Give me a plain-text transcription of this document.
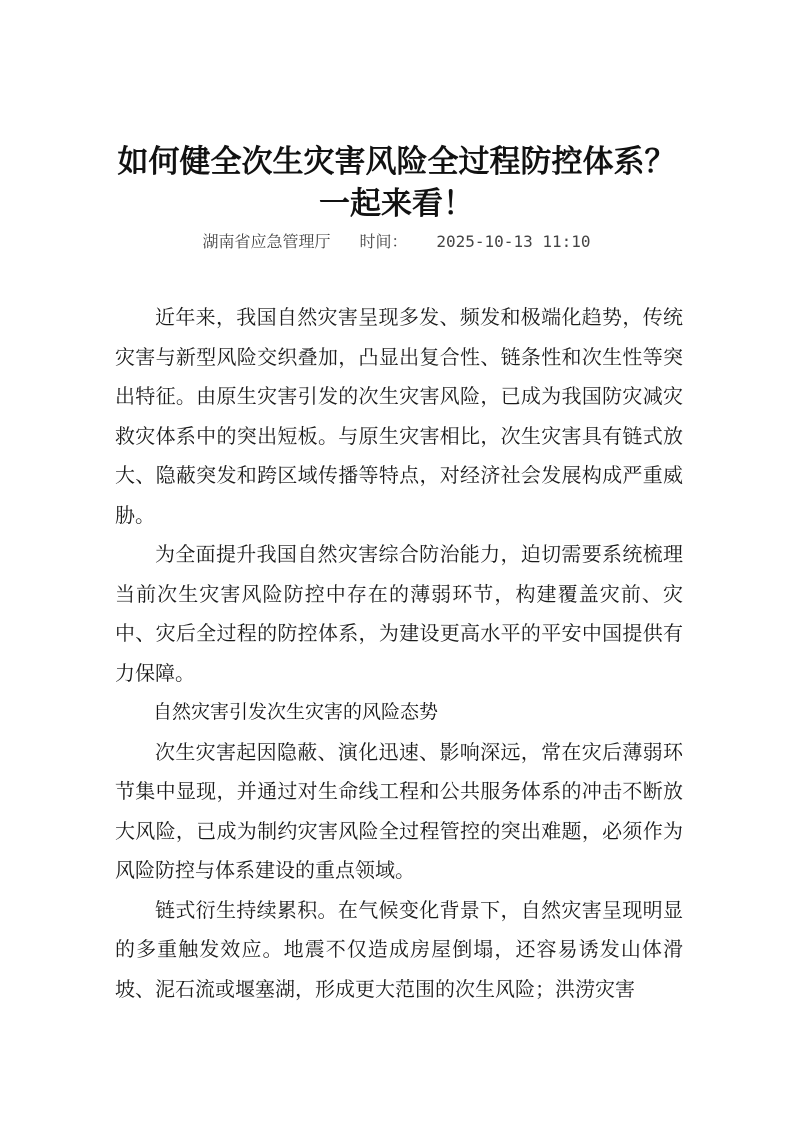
如何健全次生灾害风险全过程防控体系？
一起来看！
湖南省应急管理厅 时间： 2025-10-13 11:10

近年来，我国自然灾害呈现多发、频发和极端化趋势，传统灾害与新型风险交织叠加，凸显出复合性、链条性和次生性等突出特征。由原生灾害引发的次生灾害风险，已成为我国防灾减灾救灾体系中的突出短板。与原生灾害相比，次生灾害具有链式放大、隐蔽突发和跨区域传播等特点，对经济社会发展构成严重威胁。

为全面提升我国自然灾害综合防治能力，迫切需要系统梳理当前次生灾害风险防控中存在的薄弱环节，构建覆盖灾前、灾中、灾后全过程的防控体系，为建设更高水平的平安中国提供有力保障。

自然灾害引发次生灾害的风险态势

次生灾害起因隐蔽、演化迅速、影响深远，常在灾后薄弱环节集中显现，并通过对生命线工程和公共服务体系的冲击不断放大风险，已成为制约灾害风险全过程管控的突出难题，必须作为风险防控与体系建设的重点领域。

链式衍生持续累积。在气候变化背景下，自然灾害呈现明显的多重触发效应。地震不仅造成房屋倒塌，还容易诱发山体滑坡、泥石流或堰塞湖，形成更大范围的次生风险；洪涝灾害
